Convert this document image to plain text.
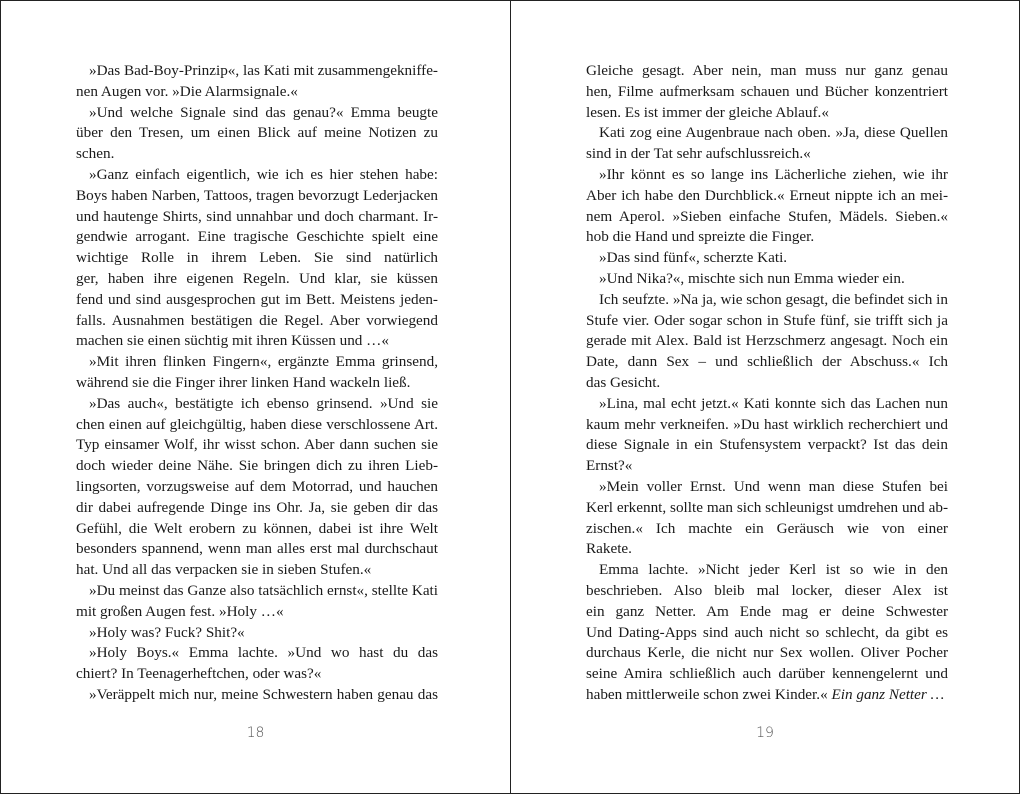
»Das Bad-Boy-Prinzip«, las Kati mit zusammengekniffe-
nen Augen vor. »Die Alarmsignale.«
»Und welche Signale sind das genau?« Emma beugte
über den Tresen, um einen Blick auf meine Notizen zu
schen.
»Ganz einfach eigentlich, wie ich es hier stehen habe:
Boys haben Narben, Tattoos, tragen bevorzugt Lederjacken
und hautenge Shirts, sind unnahbar und doch charmant. Ir-
gendwie arrogant. Eine tragische Geschichte spielt eine
wichtige Rolle in ihrem Leben. Sie sind natürlich
ger, haben ihre eigenen Regeln. Und klar, sie küssen
fend und sind ausgesprochen gut im Bett. Meistens jeden-
falls. Ausnahmen bestätigen die Regel. Aber vorwiegend
machen sie einen süchtig mit ihren Küssen und …«
»Mit ihren flinken Fingern«, ergänzte Emma grinsend,
während sie die Finger ihrer linken Hand wackeln ließ.
»Das auch«, bestätigte ich ebenso grinsend. »Und sie
chen einen auf gleichgültig, haben diese verschlossene Art.
Typ einsamer Wolf, ihr wisst schon. Aber dann suchen sie
doch wieder deine Nähe. Sie bringen dich zu ihren Lieb-
lingsorten, vorzugsweise auf dem Motorrad, und hauchen
dir dabei aufregende Dinge ins Ohr. Ja, sie geben dir das
Gefühl, die Welt erobern zu können, dabei ist ihre Welt
besonders spannend, wenn man alles erst mal durchschaut
hat. Und all das verpacken sie in sieben Stufen.«
»Du meinst das Ganze also tatsächlich ernst«, stellte Kati
mit großen Augen fest. »Holy …«
»Holy was? Fuck? Shit?«
»Holy Boys.« Emma lachte. »Und wo hast du das
chiert? In Teenagerheftchen, oder was?«
»Veräppelt mich nur, meine Schwestern haben genau das
18
Gleiche gesagt. Aber nein, man muss nur ganz genau
hen, Filme aufmerksam schauen und Bücher konzentriert
lesen. Es ist immer der gleiche Ablauf.«
Kati zog eine Augenbraue nach oben. »Ja, diese Quellen
sind in der Tat sehr aufschlussreich.«
»Ihr könnt es so lange ins Lächerliche ziehen, wie ihr
Aber ich habe den Durchblick.« Erneut nippte ich an mei-
nem Aperol. »Sieben einfache Stufen, Mädels. Sieben.«
hob die Hand und spreizte die Finger.
»Das sind fünf«, scherzte Kati.
»Und Nika?«, mischte sich nun Emma wieder ein.
Ich seufzte. »Na ja, wie schon gesagt, die befindet sich in
Stufe vier. Oder sogar schon in Stufe fünf, sie trifft sich ja
gerade mit Alex. Bald ist Herzschmerz angesagt. Noch ein
Date, dann Sex – und schließlich der Abschuss.« Ich
das Gesicht.
»Lina, mal echt jetzt.« Kati konnte sich das Lachen nun
kaum mehr verkneifen. »Du hast wirklich recherchiert und
diese Signale in ein Stufensystem verpackt? Ist das dein
Ernst?«
»Mein voller Ernst. Und wenn man diese Stufen bei
Kerl erkennt, sollte man sich schleunigst umdrehen und ab-
zischen.« Ich machte ein Geräusch wie von einer
Rakete.
Emma lachte. »Nicht jeder Kerl ist so wie in den
beschrieben. Also bleib mal locker, dieser Alex ist
ein ganz Netter. Am Ende mag er deine Schwester
Und Dating-Apps sind auch nicht so schlecht, da gibt es
durchaus Kerle, die nicht nur Sex wollen. Oliver Pocher
seine Amira schließlich auch darüber kennengelernt und
haben mittlerweile schon zwei Kinder.« Ein ganz Netter …
19
